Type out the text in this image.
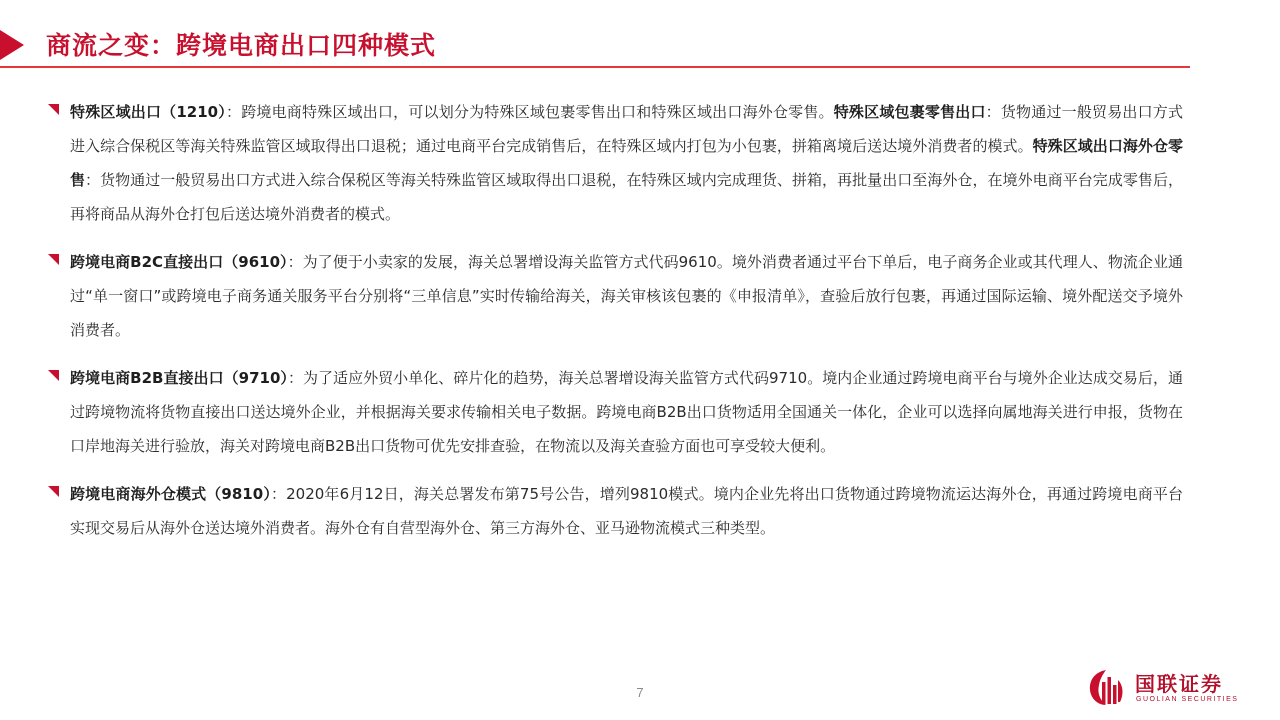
商流之变：跨境电商出口四种模式

特殊区域出口（1210）：跨境电商特殊区域出口，可以划分为特殊区域包裹零售出口和特殊区域出口海外仓零售。特殊区域包裹零售出口：货物通过一般贸易出口方式进入综合保税区等海关特殊监管区域取得出口退税；通过电商平台完成销售后，在特殊区域内打包为小包裹，拼箱离境后送达境外消费者的模式。特殊区域出口海外仓零售：货物通过一般贸易出口方式进入综合保税区等海关特殊监管区域取得出口退税，在特殊区域内完成理货、拼箱，再批量出口至海外仓，在境外电商平台完成零售后，再将商品从海外仓打包后送达境外消费者的模式。

跨境电商B2C直接出口（9610）：为了便于小卖家的发展，海关总署增设海关监管方式代码9610。境外消费者通过平台下单后，电子商务企业或其代理人、物流企业通过“单一窗口”或跨境电子商务通关服务平台分别将“三单信息”实时传输给海关，海关审核该包裹的《申报清单》，查验后放行包裹，再通过国际运输、境外配送交予境外消费者。

跨境电商B2B直接出口（9710）：为了适应外贸小单化、碎片化的趋势，海关总署增设海关监管方式代码9710。境内企业通过跨境电商平台与境外企业达成交易后，通过跨境物流将货物直接出口送达境外企业，并根据海关要求传输相关电子数据。跨境电商B2B出口货物适用全国通关一体化，企业可以选择向属地海关进行申报，货物在口岸地海关进行验放，海关对跨境电商B2B出口货物可优先安排查验，在物流以及海关查验方面也可享受较大便利。

跨境电商海外仓模式（9810）：2020年6月12日，海关总署发布第75号公告，增列9810模式。境内企业先将出口货物通过跨境物流运达海外仓，再通过跨境电商平台实现交易后从海外仓送达境外消费者。海外仓有自营型海外仓、第三方海外仓、亚马逊物流模式三种类型。

7	国联证券
GUOLIAN SECURITIES
